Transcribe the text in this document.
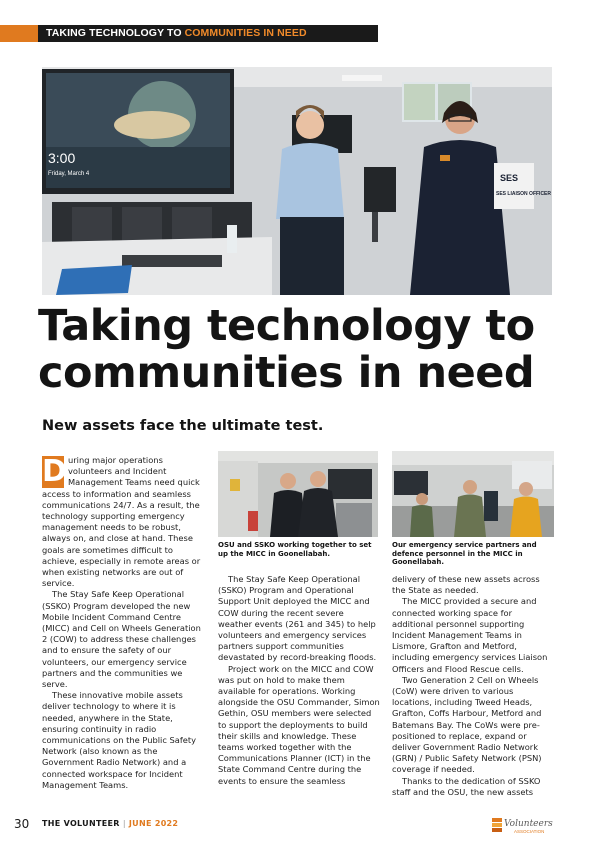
TAKING TECHNOLOGY TO COMMUNITIES IN NEED
3:00
Friday, March 4	SES
SES LIAISON OFFICER
Taking technology to
communities in need
New assets face the ultimate test.

D uring major operations volunteers and Incident Management Teams need quick access to information and seamless communications 24/7. As a result, the technology supporting emergency management needs to be robust, always on, and close at hand. These goals are sometimes difficult to achieve, especially in remote areas or when existing networks are out of service.

The Stay Safe Keep Operational (SSKO) Program developed the new Mobile Incident Command Centre (MICC) and Cell on Wheels Generation 2 (COW) to address these challenges and to ensure the safety of our volunteers, our emergency service partners and the communities we serve.

These innovative mobile assets deliver technology to where it is needed, anywhere in the State, ensuring continuity in radio communications on the Public Safety Network (also known as the Government Radio Network) and a connected workspace for Incident Management Teams.

OSU and SSKO working together to set up the MICC in Goonellabah.
Our emergency service partners and defence personnel in the MICC in Goonellabah.

The Stay Safe Keep Operational (SSKO) Program and Operational Support Unit deployed the MICC and COW during the recent severe weather events (261 and 345) to help volunteers and emergency services partners support communities devastated by record-breaking floods.

Project work on the MICC and COW was put on hold to make them available for operations. Working alongside the OSU Commander, Simon Gethin, OSU members were selected to support the deployments to build their skills and knowledge. These teams worked together with the Communications Planner (ICT) in the State Command Centre during the events to ensure the seamless

delivery of these new assets across the State as needed.

The MICC provided a secure and connected working space for additional personnel supporting Incident Management Teams in Lismore, Grafton and Metford, including emergency services Liaison Officers and Flood Rescue cells.

Two Generation 2 Cell on Wheels (CoW) were driven to various locations, including Tweed Heads, Grafton, Coffs Harbour, Metford and Batemans Bay. The CoWs were pre-positioned to replace, expand or deliver Government Radio Network (GRN) / Public Safety Network (PSN) coverage if needed.

Thanks to the dedication of SSKO staff and the OSU, the new assets

30 THE VOLUNTEER | JUNE 2022	Volunteers
ASSOCIATION
